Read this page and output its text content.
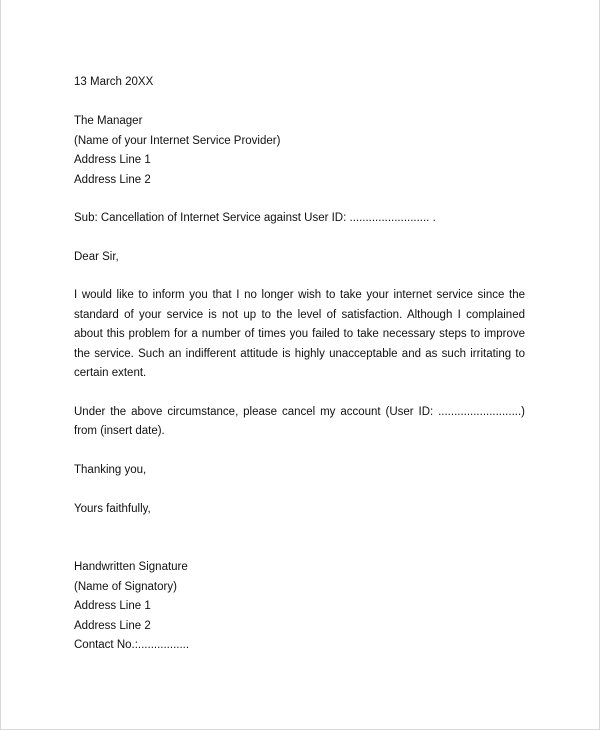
13 March 20XX
The Manager
(Name of your Internet Service Provider)
Address Line 1
Address Line 2
Sub: Cancellation of Internet Service against User ID: ......................... .
Dear Sir,

I would like to inform you that I no longer wish to take your internet service since the standard of your service is not up to the level of satisfaction. Although I complained about this problem for a number of times you failed to take necessary steps to improve the service. Such an indifferent attitude is highly unacceptable and as such irritating to certain extent.

Under the above circumstance, please cancel my account (User ID: ..........................) from (insert date).

Thanking you,
Yours faithfully,
Handwritten Signature
(Name of Signatory)
Address Line 1
Address Line 2
Contact No.:................
